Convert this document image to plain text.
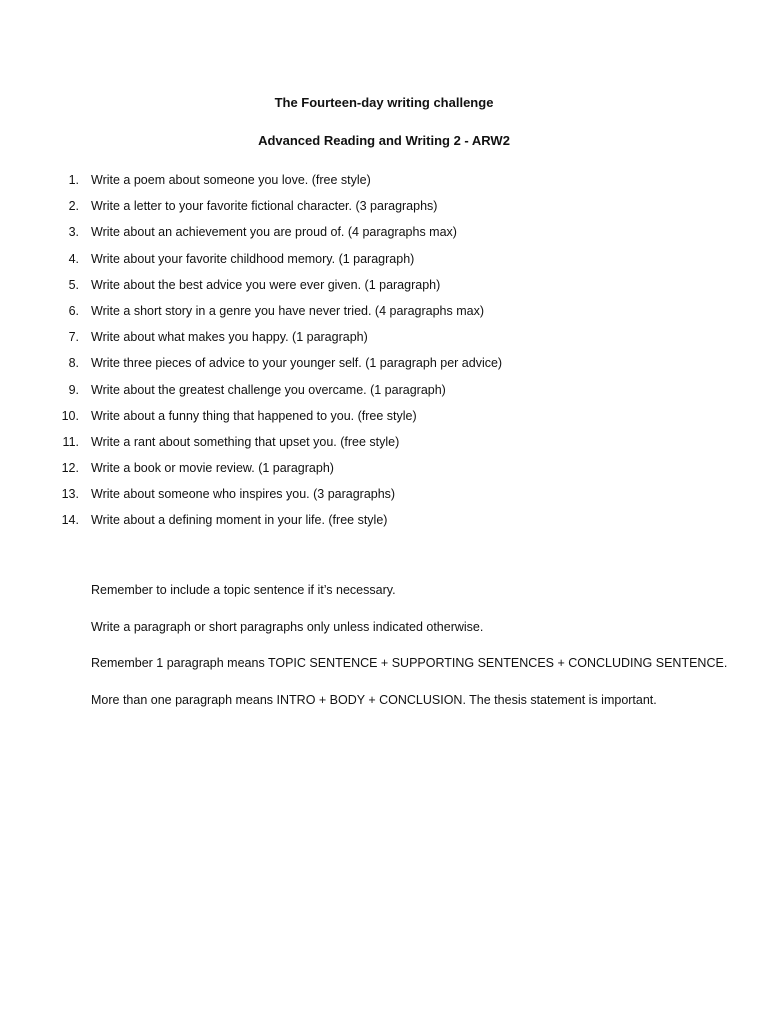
The Fourteen-day writing challenge
Advanced Reading and Writing 2 - ARW2
1. Write a poem about someone you love. (free style)
2. Write a letter to your favorite fictional character. (3 paragraphs)
3. Write about an achievement you are proud of. (4 paragraphs max)
4. Write about your favorite childhood memory. (1 paragraph)
5. Write about the best advice you were ever given. (1 paragraph)
6. Write a short story in a genre you have never tried. (4 paragraphs max)
7. Write about what makes you happy. (1 paragraph)
8. Write three pieces of advice to your younger self. (1 paragraph per advice)
9. Write about the greatest challenge you overcame. (1 paragraph)
10. Write about a funny thing that happened to you. (free style)
11. Write a rant about something that upset you. (free style)
12. Write a book or movie review. (1 paragraph)
13. Write about someone who inspires you. (3 paragraphs)
14. Write about a defining moment in your life. (free style)
Remember to include a topic sentence if it’s necessary.
Write a paragraph or short paragraphs only unless indicated otherwise.
Remember 1 paragraph means TOPIC SENTENCE + SUPPORTING SENTENCES + CONCLUDING SENTENCE.
More than one paragraph means INTRO + BODY + CONCLUSION. The thesis statement is important.
